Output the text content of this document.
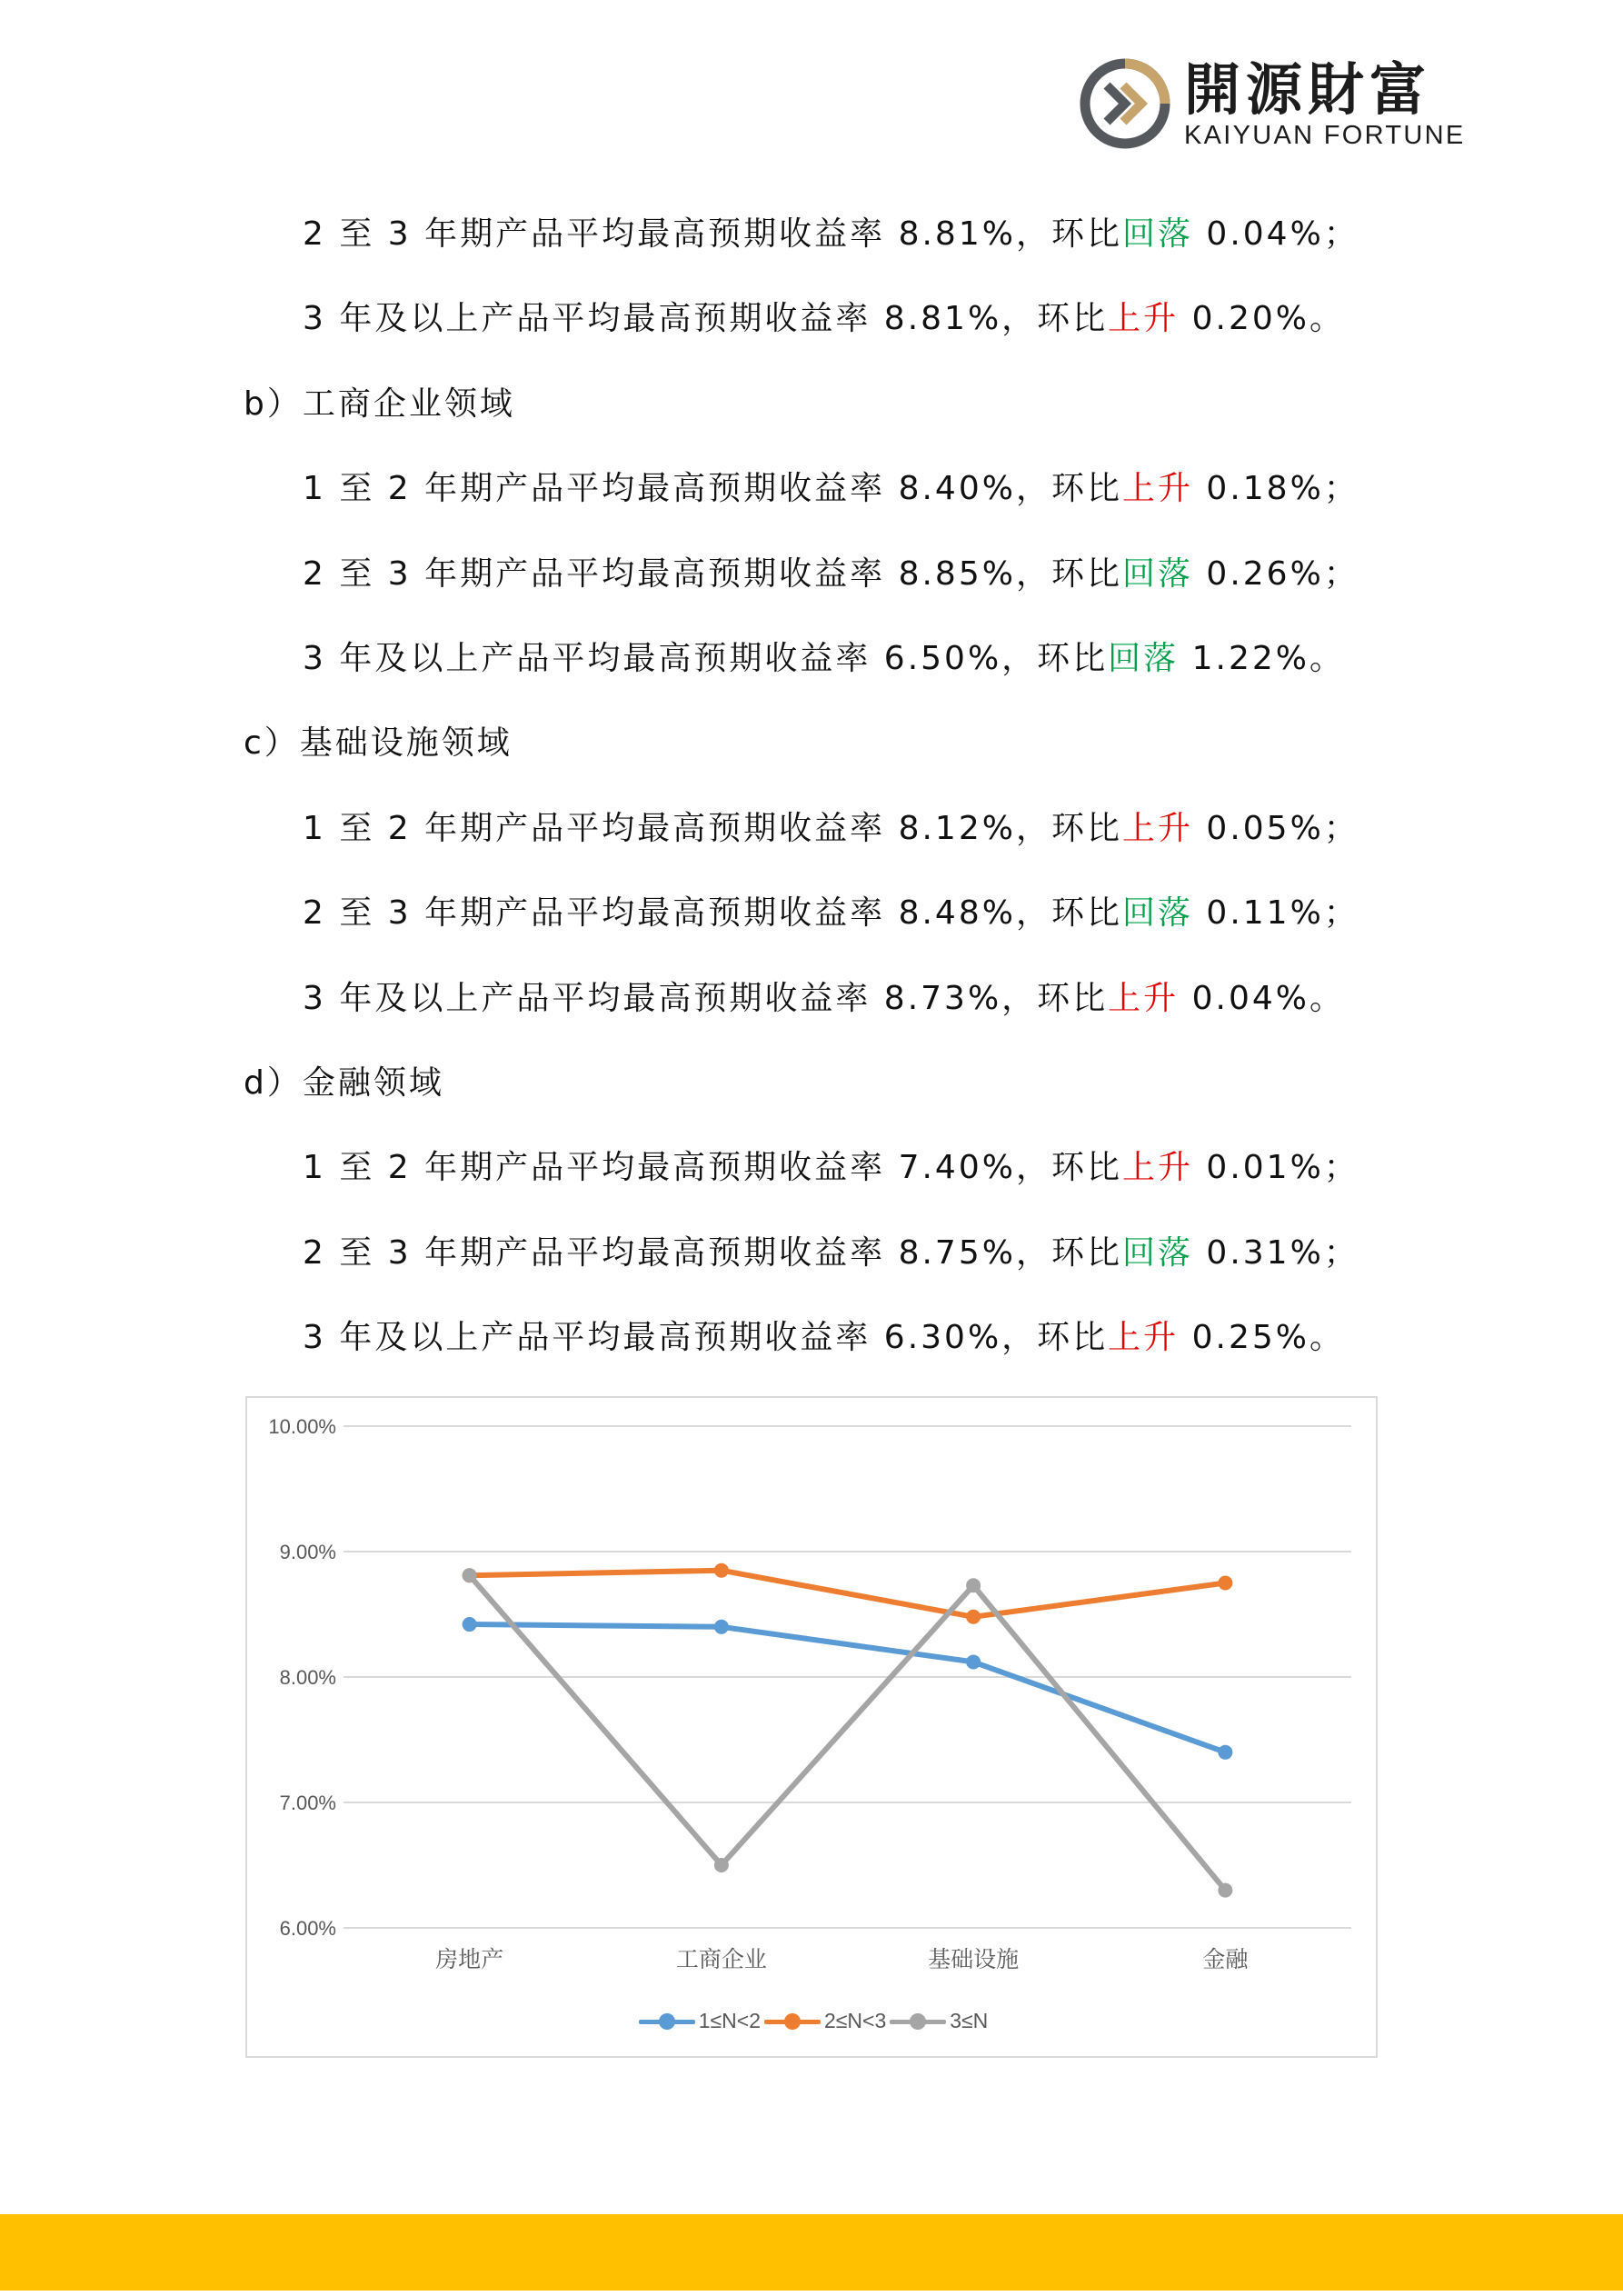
開源財富
KAIYUAN FORTUNE
2 至 3 年期产品平均最高预期收益率 8.81%，环比回落 0.04%；
3 年及以上产品平均最高预期收益率 8.81%，环比上升 0.20%。
b）工商企业领域
1 至 2 年期产品平均最高预期收益率 8.40%，环比上升 0.18%；
2 至 3 年期产品平均最高预期收益率 8.85%，环比回落 0.26%；
3 年及以上产品平均最高预期收益率 6.50%，环比回落 1.22%。
c）基础设施领域
1 至 2 年期产品平均最高预期收益率 8.12%，环比上升 0.05%；
2 至 3 年期产品平均最高预期收益率 8.48%，环比回落 0.11%；
3 年及以上产品平均最高预期收益率 8.73%，环比上升 0.04%。
d）金融领域
1 至 2 年期产品平均最高预期收益率 7.40%，环比上升 0.01%；
2 至 3 年期产品平均最高预期收益率 8.75%，环比回落 0.31%；
3 年及以上产品平均最高预期收益率 6.30%，环比上升 0.25%。
10.00%
9.00%
8.00%
7.00%
6.00%
房地产	工商企业	基础设施	金融
1≤N<2	2≤N<3	3≤N
